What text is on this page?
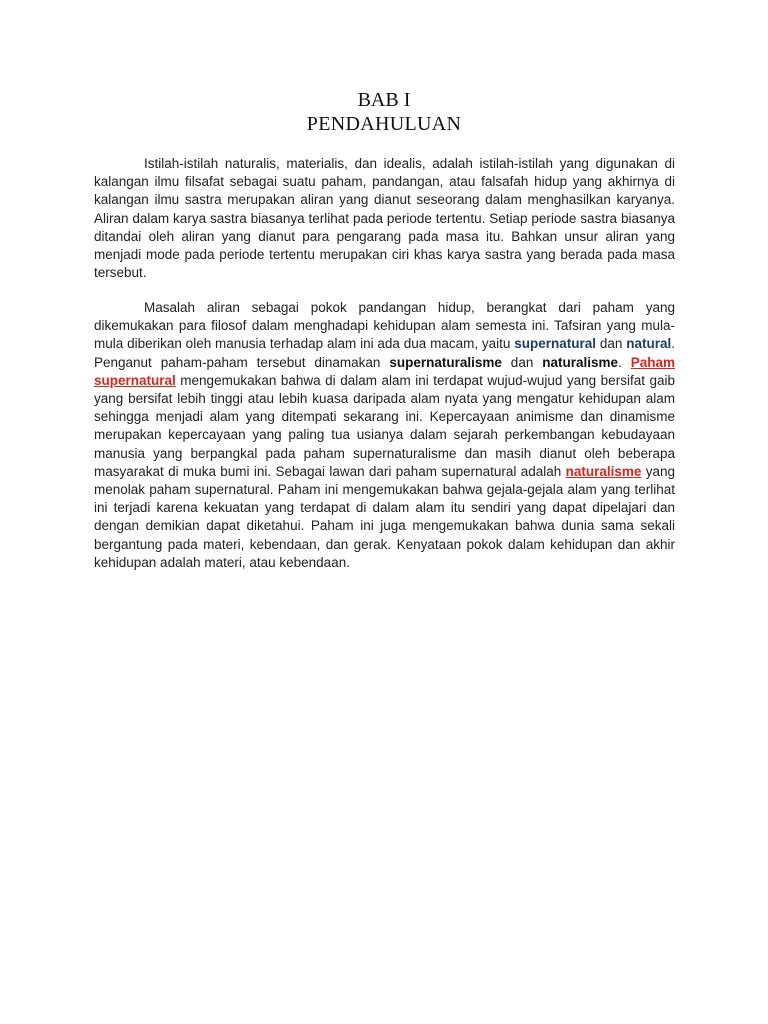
BAB I
PENDAHULUAN

Istilah-istilah naturalis, materialis, dan idealis, adalah istilah-istilah yang digunakan di kalangan ilmu filsafat sebagai suatu paham, pandangan, atau falsafah hidup yang akhirnya di kalangan ilmu sastra merupakan aliran yang dianut seseorang dalam menghasilkan karyanya. Aliran dalam karya sastra biasanya terlihat pada periode tertentu. Setiap periode sastra biasanya ditandai oleh aliran yang dianut para pengarang pada masa itu. Bahkan unsur aliran yang menjadi mode pada periode tertentu merupakan ciri khas karya sastra yang berada pada masa tersebut.

Masalah aliran sebagai pokok pandangan hidup, berangkat dari paham yang dikemukakan para filosof dalam menghadapi kehidupan alam semesta ini. Tafsiran yang mula-mula diberikan oleh manusia terhadap alam ini ada dua macam, yaitu supernatural dan natural. Penganut paham-paham tersebut dinamakan supernaturalisme dan naturalisme. Paham supernatural mengemukakan bahwa di dalam alam ini terdapat wujud-wujud yang bersifat gaib yang bersifat lebih tinggi atau lebih kuasa daripada alam nyata yang mengatur kehidupan alam sehingga menjadi alam yang ditempati sekarang ini. Kepercayaan animisme dan dinamisme merupakan kepercayaan yang paling tua usianya dalam sejarah perkembangan kebudayaan manusia yang berpangkal pada paham supernaturalisme dan masih dianut oleh beberapa masyarakat di muka bumi ini. Sebagai lawan dari paham supernatural adalah naturalisme yang menolak paham supernatural. Paham ini mengemukakan bahwa gejala-gejala alam yang terlihat ini terjadi karena kekuatan yang terdapat di dalam alam itu sendiri yang dapat dipelajari dan dengan demikian dapat diketahui. Paham ini juga mengemukakan bahwa dunia sama sekali bergantung pada materi, kebendaan, dan gerak. Kenyataan pokok dalam kehidupan dan akhir kehidupan adalah materi, atau kebendaan.
